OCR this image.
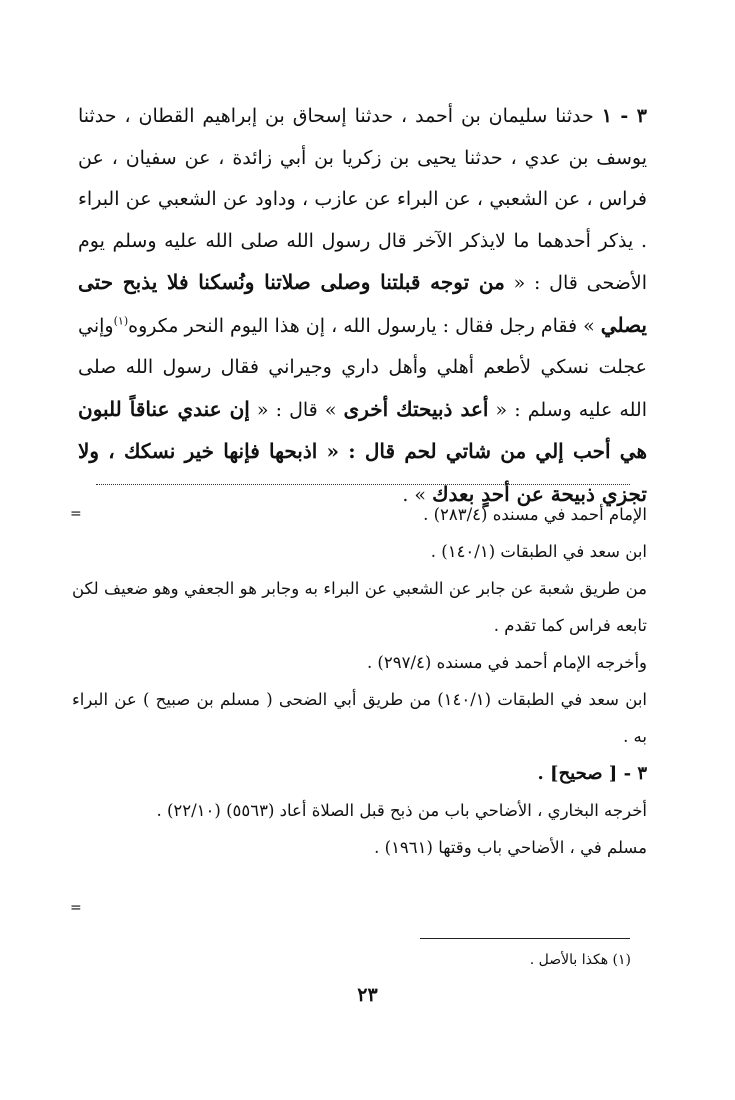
٣ - ١ حدثنا سليمان بن أحمد ، حدثنا إسحاق بن إبراهيم القطان ، حدثنا يوسف بن عدي ، حدثنا يحيى بن زكريا بن أبي زائدة ، عن سفيان ، عن فراس ، عن الشعبي ، عن البراء عن عازب ، وداود عن الشعبي عن البراء . يذكر أحدهما ما لايذكر الآخر قال رسول الله صلى الله عليه وسلم يوم الأضحى قال : « من توجه قبلتنا وصلى صلاتنا ونُسكنا فلا يذبح حتى يصلي » فقام رجل فقال : يارسول الله ، إن هذا اليوم النحر مكروه$^{(١)}$وإني عجلت نسكي لأطعم أهلي وأهل داري وجيراني فقال رسول الله صلى الله عليه وسلم : « أعد ذبيحتك أخرى » قال : « إن عندي عناقاً للبون هي أحب إلي من شاتي لحم قال : « اذبحها فإنها خير نسكك ، ولا تجزي ذبيحة عن أحدٍ بعدك » .
=	الإمام أحمد في مسنده (٢٨٣/٤) .

ابن سعد في الطبقات (١٤٠/١) .

من طريق شعبة عن جابر عن الشعبي عن البراء به وجابر هو الجعفي وهو ضعيف لكن تابعه فراس كما تقدم .

وأخرجه الإمام أحمد في مسنده (٢٩٧/٤) .

ابن سعد في الطبقات (١٤٠/١) من طريق أبي الضحى ( مسلم بن صبيح ) عن البراء به .

٣ - [ صحيح] .

أخرجه البخاري ، الأضاحي باب من ذبح قبل الصلاة أعاد (٥٥٦٣) (٢٢/١٠) .

مسلم في ، الأضاحي باب وقتها (١٩٦١) .

=
(١) هكذا بالأصل .
٢٣
